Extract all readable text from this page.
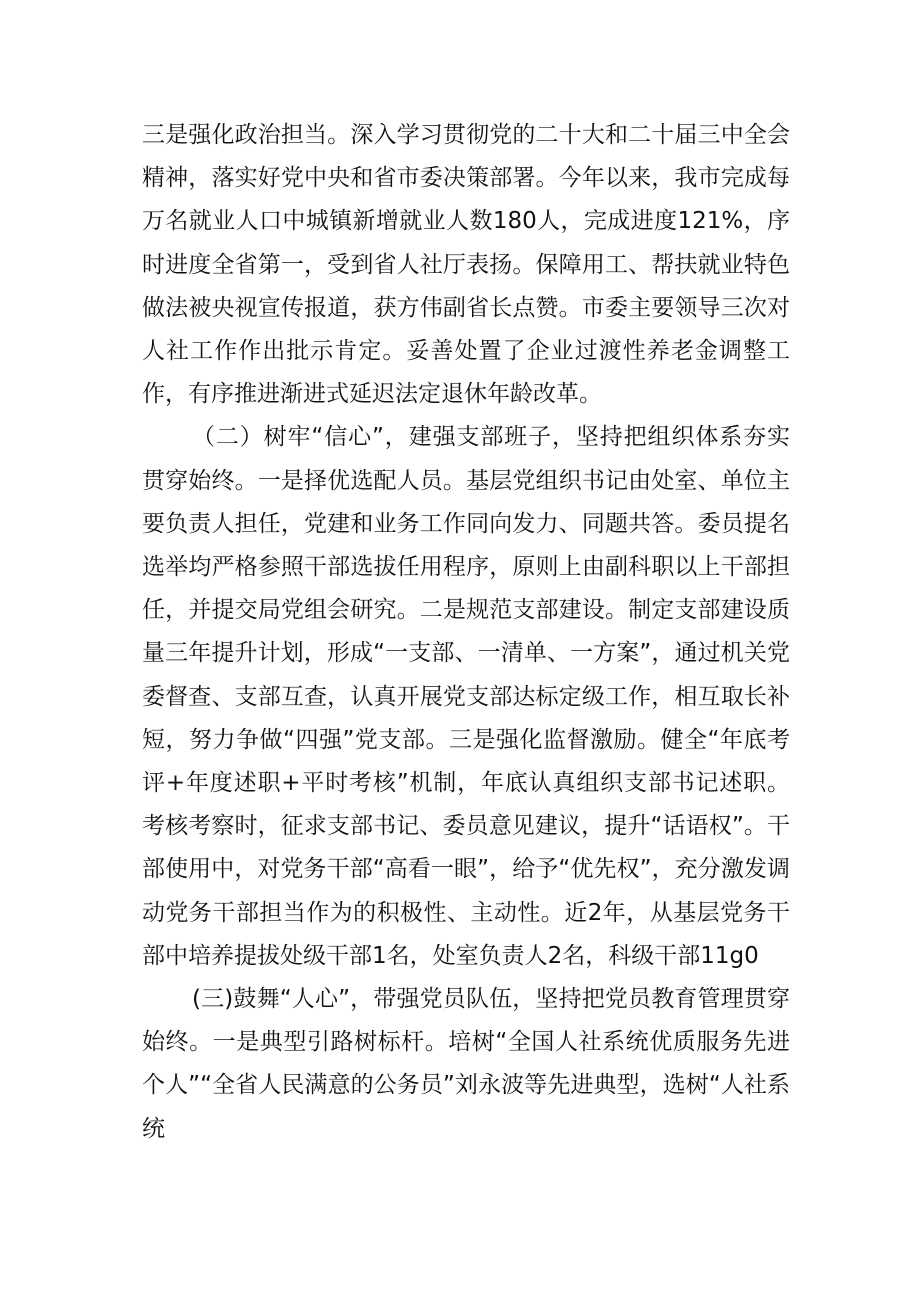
三是强化政治担当。深入学习贯彻党的二十大和二十届三中全会精神，落实好党中央和省市委决策部署。今年以来，我市完成每万名就业人口中城镇新增就业人数180人，完成进度121%，序时进度全省第一，受到省人社厅表扬。保障用工、帮扶就业特色做法被央视宣传报道，获方伟副省长点赞。市委主要领导三次对人社工作作出批示肯定。妥善处置了企业过渡性养老金调整工作，有序推进渐进式延迟法定退休年龄改革。

（二）树牢“信心”，建强支部班子，坚持把组织体系夯实贯穿始终。一是择优选配人员。基层党组织书记由处室、单位主要负责人担任，党建和业务工作同向发力、同题共答。委员提名选举均严格参照干部选拔任用程序，原则上由副科职以上干部担任，并提交局党组会研究。二是规范支部建设。制定支部建设质量三年提升计划，形成“一支部、一清单、一方案”，通过机关党委督查、支部互查，认真开展党支部达标定级工作，相互取长补短，努力争做“四强”党支部。三是强化监督激励。健全“年底考评+年度述职+平时考核”机制，年底认真组织支部书记述职。考核考察时，征求支部书记、委员意见建议，提升“话语权”。干部使用中，对党务干部“高看一眼”，给予“优先权”，充分激发调动党务干部担当作为的积极性、主动性。近2年，从基层党务干部中培养提拔处级干部1名，处室负责人2名，科级干部11g0

(三)鼓舞“人心”，带强党员队伍，坚持把党员教育管理贯穿始终。一是典型引路树标杆。培树“全国人社系统优质服务先进个人”“全省人民满意的公务员”刘永波等先进典型，选树“人社系统
